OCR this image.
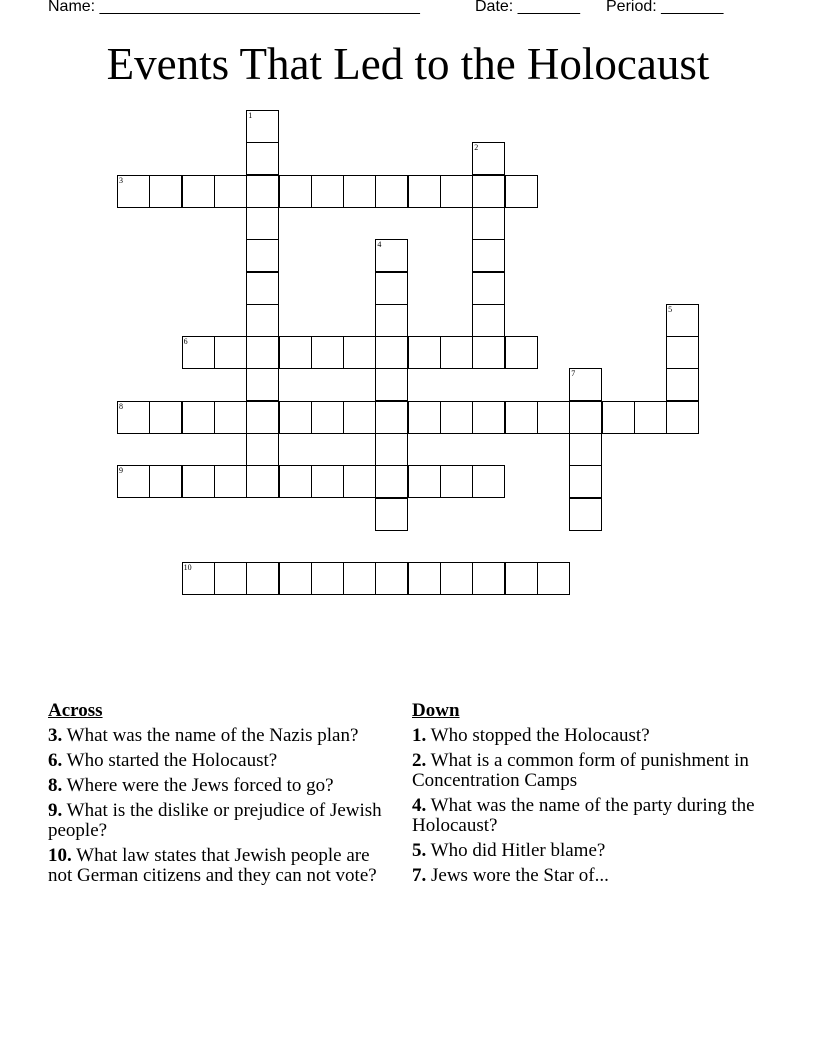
Name: ____________________________________	Date: _______ Period: _______
Events That Led to the Holocaust
1
2
3
4
5
6
7
8
9
10
Across
3. What was the name of the Nazis plan?
6. Who started the Holocaust?
8. Where were the Jews forced to go?
9. What is the dislike or prejudice of Jewish people?
10. What law states that Jewish people are not German citizens and they can not vote?
Down
1. Who stopped the Holocaust?
2. What is a common form of punishment in Concentration Camps
4. What was the name of the party during the Holocaust?
5. Who did Hitler blame?
7. Jews wore the Star of...
